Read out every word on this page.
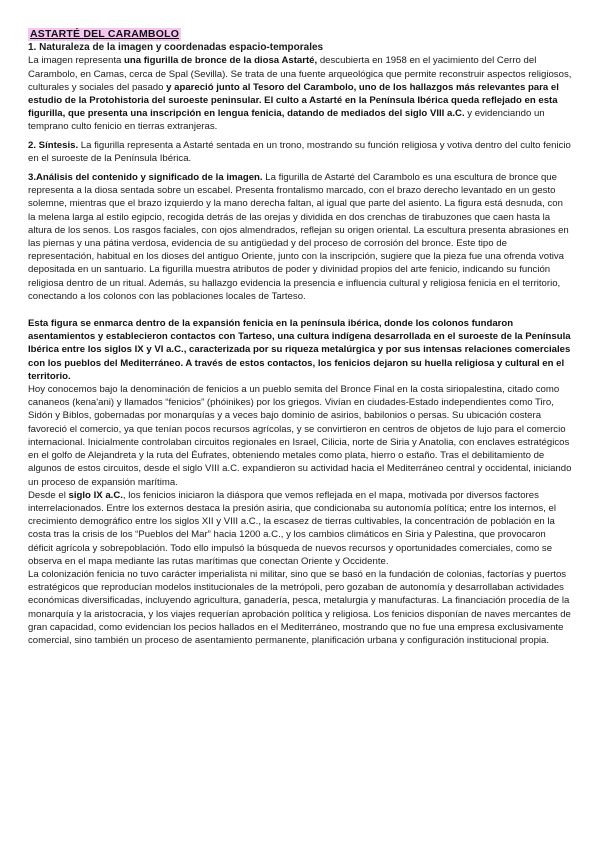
ASTARTÉ DEL CARAMBOLO

1. Naturaleza de la imagen y coordenadas espacio-temporales

La imagen representa una figurilla de bronce de la diosa Astarté, descubierta en 1958 en el yacimiento del Cerro del Carambolo, en Camas, cerca de Spal (Sevilla). Se trata de una fuente arqueológica que permite reconstruir aspectos religiosos, culturales y sociales del pasado y apareció junto al Tesoro del Carambolo, uno de los hallazgos más relevantes para el estudio de la Protohistoria del suroeste peninsular. El culto a Astarté en la Península Ibérica queda reflejado en esta figurilla, que presenta una inscripción en lengua fenicia, datando de mediados del siglo VIII a.C. y evidenciando un temprano culto fenicio en tierras extranjeras.

2. Síntesis. La figurilla representa a Astarté sentada en un trono, mostrando su función religiosa y votiva dentro del culto fenicio en el suroeste de la Península Ibérica.

3.Análisis del contenido y significado de la imagen. La figurilla de Astarté del Carambolo es una escultura de bronce que representa a la diosa sentada sobre un escabel. Presenta frontalismo marcado, con el brazo derecho levantado en un gesto solemne, mientras que el brazo izquierdo y la mano derecha faltan, al igual que parte del asiento. La figura está desnuda, con la melena larga al estilo egipcio, recogida detrás de las orejas y dividida en dos crenchas de tirabuzones que caen hasta la altura de los senos. Los rasgos faciales, con ojos almendrados, reflejan su origen oriental. La escultura presenta abrasiones en las piernas y una pátina verdosa, evidencia de su antigüedad y del proceso de corrosión del bronce. Este tipo de representación, habitual en los dioses del antiguo Oriente, junto con la inscripción, sugiere que la pieza fue una ofrenda votiva depositada en un santuario. La figurilla muestra atributos de poder y divinidad propios del arte fenicio, indicando su función religiosa dentro de un ritual. Además, su hallazgo evidencia la presencia e influencia cultural y religiosa fenicia en el territorio, conectando a los colonos con las poblaciones locales de Tarteso.

Esta figura se enmarca dentro de la expansión fenicia en la península ibérica, donde los colonos fundaron asentamientos y establecieron contactos con Tarteso, una cultura indígena desarrollada en el suroeste de la Península Ibérica entre los siglos IX y VI a.C., caracterizada por su riqueza metalúrgica y por sus intensas relaciones comerciales con los pueblos del Mediterráneo. A través de estos contactos, los fenicios dejaron su huella religiosa y cultural en el territorio.

Hoy conocemos bajo la denominación de fenicios a un pueblo semita del Bronce Final en la costa siriopalestina, citado como cananeos (kena'ani) y llamados “fenicios” (phóinikes) por los griegos. Vivían en ciudades-Estado independientes como Tiro, Sidón y Biblos, gobernadas por monarquías y a veces bajo dominio de asirios, babilonios o persas. Su ubicación costera favoreció el comercio, ya que tenían pocos recursos agrícolas, y se convirtieron en centros de objetos de lujo para el comercio internacional. Inicialmente controlaban circuitos regionales en Israel, Cilicia, norte de Siria y Anatolia, con enclaves estratégicos en el golfo de Alejandreta y la ruta del Éufrates, obteniendo metales como plata, hierro o estaño. Tras el debilitamiento de algunos de estos circuitos, desde el siglo VIII a.C. expandieron su actividad hacia el Mediterráneo central y occidental, iniciando un proceso de expansión marítima.

Desde el siglo IX a.C., los fenicios iniciaron la diáspora que vemos reflejada en el mapa, motivada por diversos factores interrelacionados. Entre los externos destaca la presión asiria, que condicionaba su autonomía política; entre los internos, el crecimiento demográfico entre los siglos XII y VIII a.C., la escasez de tierras cultivables, la concentración de población en la costa tras la crisis de los “Pueblos del Mar” hacia 1200 a.C., y los cambios climáticos en Siria y Palestina, que provocaron déficit agrícola y sobrepoblación. Todo ello impulsó la búsqueda de nuevos recursos y oportunidades comerciales, como se observa en el mapa mediante las rutas marítimas que conectan Oriente y Occidente.

La colonización fenicia no tuvo carácter imperialista ni militar, sino que se basó en la fundación de colonias, factorías y puertos estratégicos que reproducían modelos institucionales de la metrópoli, pero gozaban de autonomía y desarrollaban actividades económicas diversificadas, incluyendo agricultura, ganadería, pesca, metalurgia y manufacturas. La financiación procedía de la monarquía y la aristocracia, y los viajes requerían aprobación política y religiosa. Los fenicios disponían de naves mercantes de gran capacidad, como evidencian los pecios hallados en el Mediterráneo, mostrando que no fue una empresa exclusivamente comercial, sino también un proceso de asentamiento permanente, planificación urbana y configuración institucional propia.
